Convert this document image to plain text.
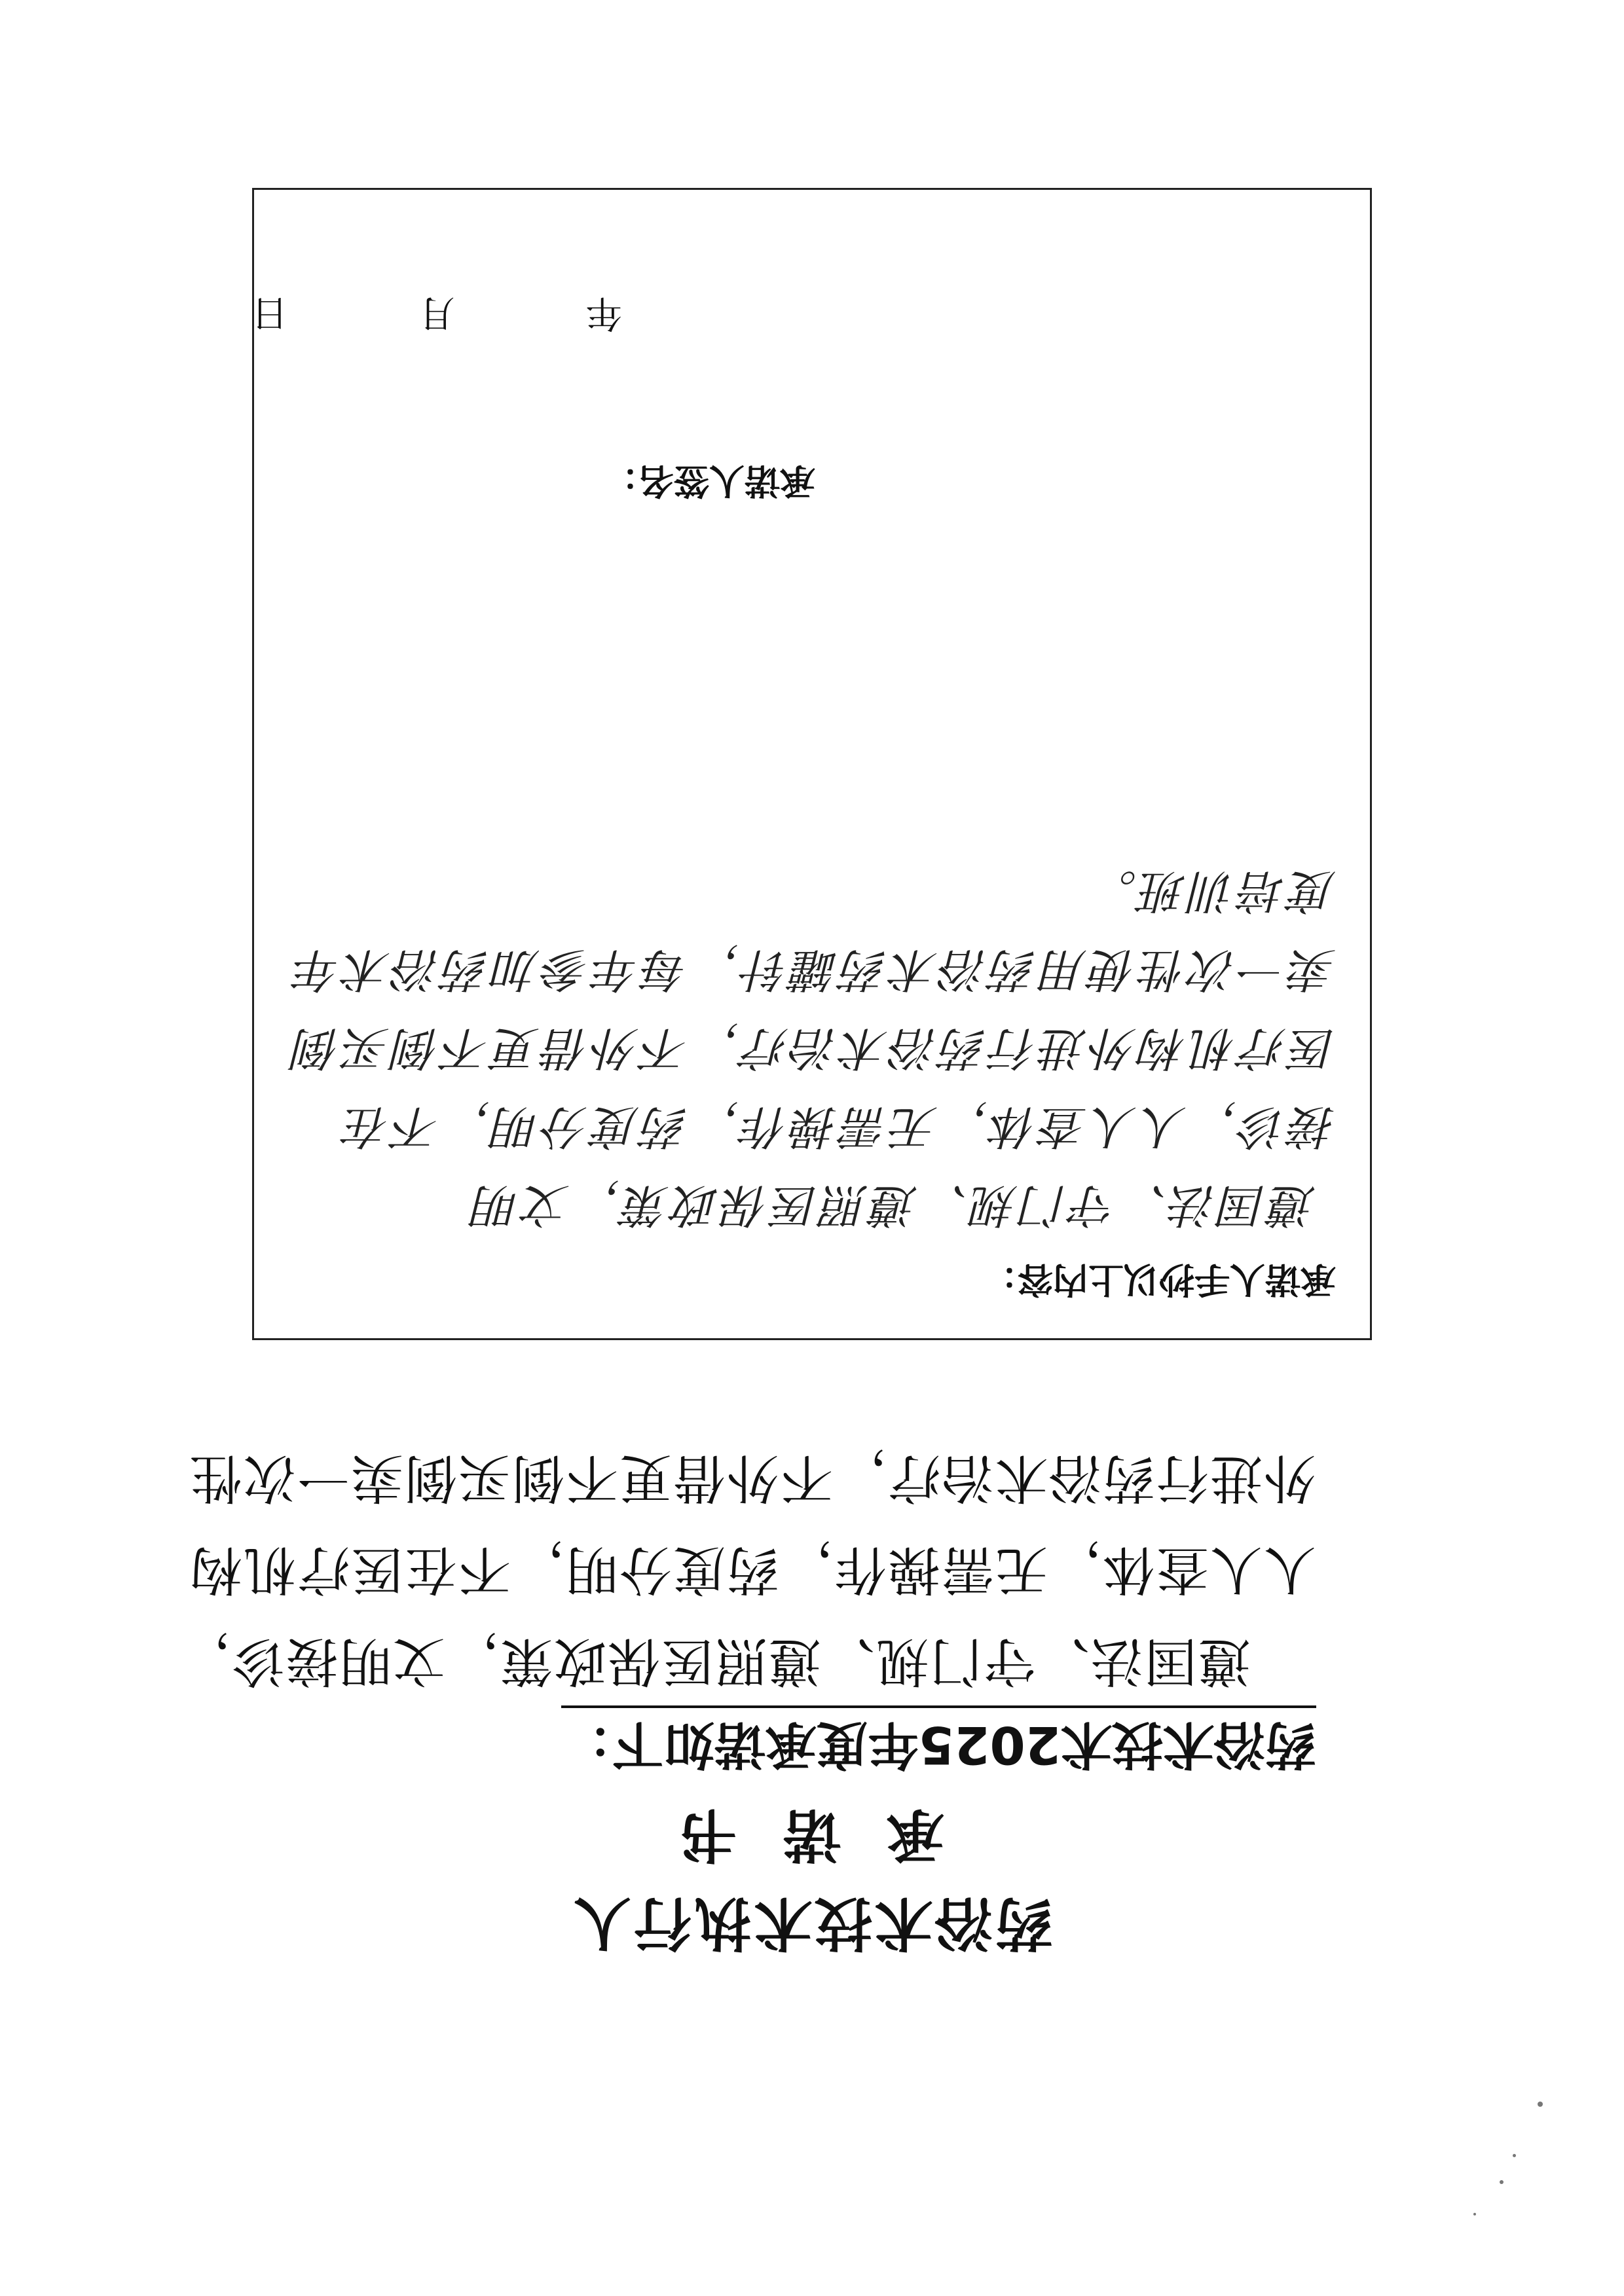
药浴术技术执行人
承诺书
药浴术技术2025年度承诺如下：
遵国法、守门规、遵照医保政策，文明接诊，
人人查体，无需操作，药度分明，不在医疗机构
外进行药浴术治疗，不外借更不倒买倒卖一次性
承诺人手抄以上内容：
遵国法、守门规、遵照医保政策，文明
接诊，人人查体，无需操作，药度分明，不在
医疗机构外进行药浴术治疗，不外借更不倒买倒
卖一次性使用药浴术药罐针，每年参加药浴术年
度培训班。
承诺人签名：
年
月
日
